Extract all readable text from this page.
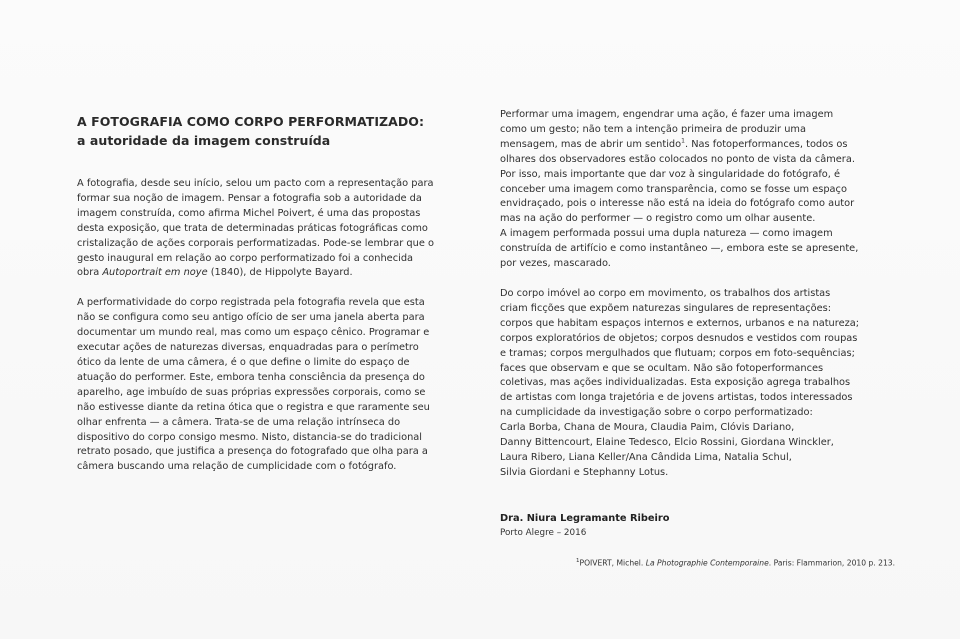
A FOTOGRAFIA COMO CORPO PERFORMATIZADO:
a autoridade da imagem construída

A fotografia, desde seu início, selou um pacto com a representação para
formar sua noção de imagem. Pensar a fotografia sob a autoridade da
imagem construída, como afirma Michel Poivert, é uma das propostas
desta exposição, que trata de determinadas práticas fotográficas como
cristalização de ações corporais performatizadas. Pode-se lembrar que o
gesto inaugural em relação ao corpo performatizado foi a conhecida
obra Autoportrait em noye (1840), de Hippolyte Bayard.

A performatividade do corpo registrada pela fotografia revela que esta
não se configura como seu antigo ofício de ser uma janela aberta para
documentar um mundo real, mas como um espaço cênico. Programar e
executar ações de naturezas diversas, enquadradas para o perímetro
ótico da lente de uma câmera, é o que define o limite do espaço de
atuação do performer. Este, embora tenha consciência da presença do
aparelho, age imbuído de suas próprias expressões corporais, como se
não estivesse diante da retina ótica que o registra e que raramente seu
olhar enfrenta — a câmera. Trata-se de uma relação intrínseca do
dispositivo do corpo consigo mesmo. Nisto, distancia-se do tradicional
retrato posado, que justifica a presença do fotografado que olha para a
câmera buscando uma relação de cumplicidade com o fotógrafo.

Performar uma imagem, engendrar uma ação, é fazer uma imagem
como um gesto; não tem a intenção primeira de produzir uma
mensagem, mas de abrir um sentido$^1$. Nas fotoperformances, todos os
olhares dos observadores estão colocados no ponto de vista da câmera.
Por isso, mais importante que dar voz à singularidade do fotógrafo, é
conceber uma imagem como transparência, como se fosse um espaço
envidraçado, pois o interesse não está na ideia do fotógrafo como autor
mas na ação do performer — o registro como um olhar ausente.
A imagem performada possui uma dupla natureza — como imagem
construída de artifício e como instantâneo —, embora este se apresente,
por vezes, mascarado.

Do corpo imóvel ao corpo em movimento, os trabalhos dos artistas
criam ficções que expõem naturezas singulares de representações:
corpos que habitam espaços internos e externos, urbanos e na natureza;
corpos exploratórios de objetos; corpos desnudos e vestidos com roupas
e tramas; corpos mergulhados que flutuam; corpos em foto-sequências;
faces que observam e que se ocultam. Não são fotoperformances
coletivas, mas ações individualizadas. Esta exposição agrega trabalhos
de artistas com longa trajetória e de jovens artistas, todos interessados
na cumplicidade da investigação sobre o corpo performatizado:
Carla Borba, Chana de Moura, Claudia Paim, Clóvis Dariano,
Danny Bittencourt, Elaine Tedesco, Elcio Rossini, Giordana Winckler,
Laura Ribero, Liana Keller/Ana Cândida Lima, Natalia Schul,
Silvia Giordani e Stephanny Lotus.

Dra. Niura Legramante Ribeiro
Porto Alegre – 2016
$^1$POIVERT, Michel. La Photographie Contemporaine. Paris: Flammarion, 2010 p. 213.
